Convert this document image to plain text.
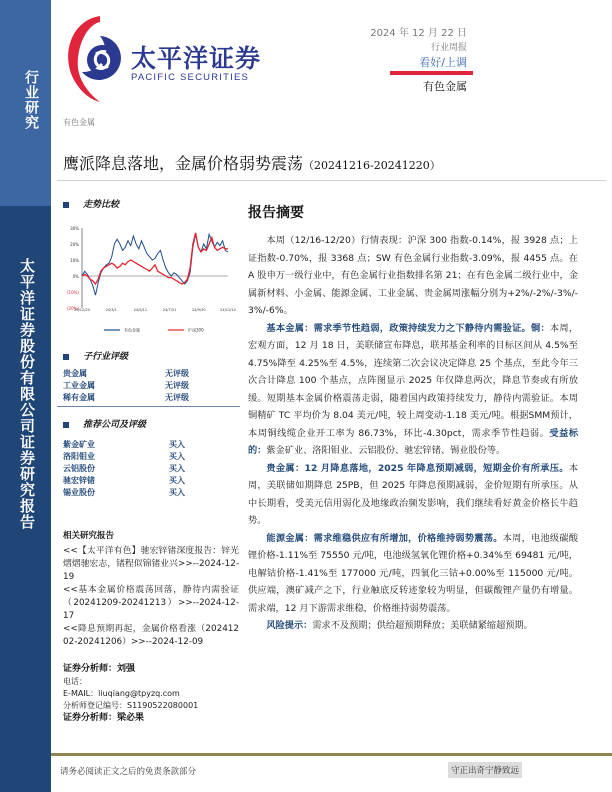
行业研究
太平洋证券股份有限公司证券研究报告
太平洋证券
PACIFIC SECURITIES
2024 年 12 月 22 日
行业周报
看好/上调
有色金属
有色金属
鹰派降息落地，金属价格弱势震荡（20241216-20241220）
走势比较
30%
20%
10%
0%
(10%)
(20%)
23/12/20	24/3/1	24/5/11	24/7/21	24/9/30	24/12/10
有色金属	沪深300
子行业评级
贵金属	无评级
工业金属	无评级
稀有金属	无评级
推荐公司及评级
紫金矿业	买入
洛阳钼业	买入
云铝股份	买入
驰宏锌锗	买入
锡业股份	买入
相关研究报告
<<【太平洋有色】驰宏锌锗深度报告：锌光熠熠驰宏志，锗程似锦锗业兴>>--2024-12-19
<<基本金属价格震荡回落，静待内需验证（20241209-20241213）>>--2024-12-17
<<降息预期再起，金属价格看涨（20241202-20241206）>>--2024-12-09
证券分析师：刘强
电话：
E-MAIL：liuqiang@tpyzq.com
分析师登记编号：S1190522080001
证券分析师：梁必果
报告摘要

本周（12/16-12/20）行情表现：沪深 300 指数-0.14%，报 3928 点；上证指数-0.70%，报 3368 点；SW 有色金属行业指数-3.09%，报 4455 点。在 A 股申万一级行业中，有色金属行业指数排名第 21；在有色金属二级行业中，金属新材料、小金属、能源金属、工业金属、贵金属周涨幅分别为+2%/-2%/-3%/-3%/-6%。

基本金属：需求季节性趋弱，政策持续发力之下静待内需验证。铜：本周，宏观方面，12 月 18 日，美联储宣布降息，联邦基金利率的目标区间从 4.5%至 4.75%降至 4.25%至 4.5%，连续第二次会议决定降息 25 个基点，至此今年三次合计降息 100 个基点，点阵图显示 2025 年仅降息两次，降息节奏或有所放缓。短期基本金属价格震荡走弱，随着国内政策持续发力，静待内需验证。本周铜精矿 TC 平均价为 8.04 美元/吨，较上周变动-1.18 美元/吨。根据SMM预计，本周铜线缆企业开工率为 86.73%，环比-4.30pct，需求季节性趋弱。受益标的：紫金矿业、洛阳钼业、云铝股份、驰宏锌锗、锡业股份等。

贵金属：12 月降息落地，2025 年降息预期减弱，短期金价有所承压。本周，美联储如期降息 25PB，但 2025 年降息预期减弱，金价短期有所承压。从中长期看，受美元信用弱化及地缘政治频发影响，我们继续看好黄金价格长牛趋势。

能源金属：需求维稳供应有所增加，价格维持弱势震荡。本周，电池级碳酸锂价格-1.11%至 75550 元/吨，电池级氢氧化锂价格+0.34%至 69481 元/吨，电解钴价格-1.41%至 177000 元/吨，四氧化三钴+0.00%至 115000 元/吨。供应端，澳矿减产之下，行业触底反转迹象较为明显，但碳酸锂产量仍有增量。需求端，12 月下游需求维稳，价格维持弱势震荡。

风险提示：需求不及预期；供给超预期释放；美联储紧缩超预期。

请务必阅读正文之后的免责条款部分	守正出奇宁静致远
